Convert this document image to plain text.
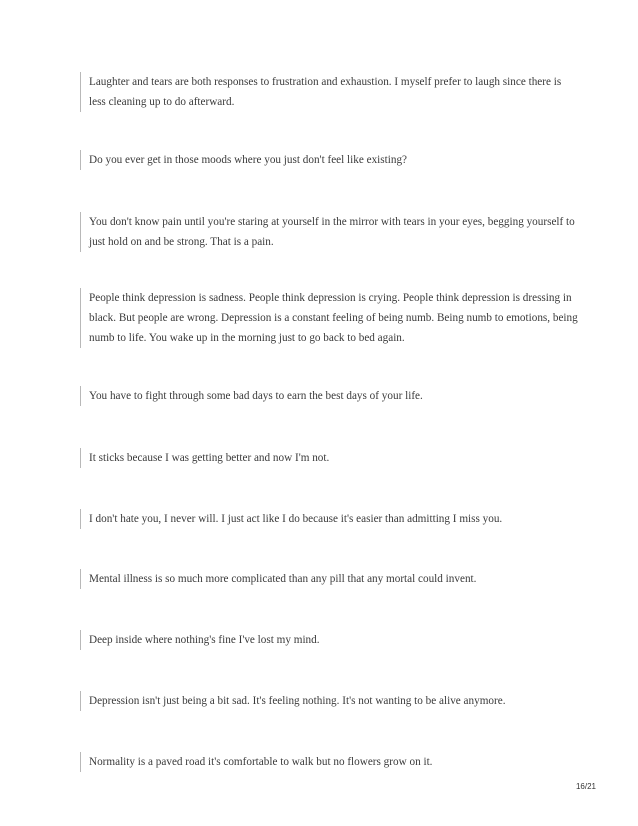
Laughter and tears are both responses to frustration and exhaustion. I myself prefer to laugh since there is less cleaning up to do afterward.

Do you ever get in those moods where you just don't feel like existing?

You don't know pain until you're staring at yourself in the mirror with tears in your eyes, begging yourself to just hold on and be strong. That is a pain.

People think depression is sadness. People think depression is crying. People think depression is dressing in black. But people are wrong. Depression is a constant feeling of being numb. Being numb to emotions, being numb to life. You wake up in the morning just to go back to bed again.

You have to fight through some bad days to earn the best days of your life.

It sticks because I was getting better and now I'm not.

I don't hate you, I never will. I just act like I do because it's easier than admitting I miss you.

Mental illness is so much more complicated than any pill that any mortal could invent.

Deep inside where nothing's fine I've lost my mind.

Depression isn't just being a bit sad. It's feeling nothing. It's not wanting to be alive anymore.

Normality is a paved road it's comfortable to walk but no flowers grow on it.

16/21
